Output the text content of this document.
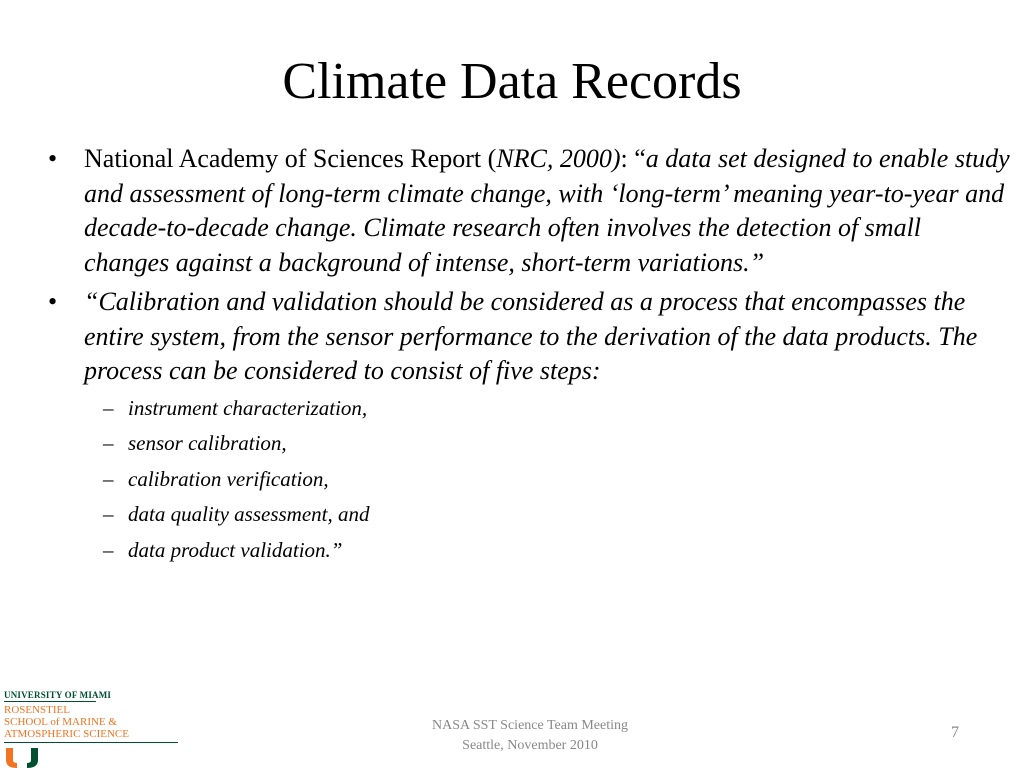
Climate Data Records
• National Academy of Sciences Report (NRC, 2000): “a data set designed to enable study and assessment of long-term climate change, with ‘long-term’ meaning year-to-year and decade-to-decade change. Climate research often involves the detection of small changes against a background of intense, short-term variations.”
• “Calibration and validation should be considered as a process that encompasses the entire system, from the sensor performance to the derivation of the data products. The process can be considered to consist of five steps:
– instrument characterization,
– sensor calibration,
– calibration verification,
– data quality assessment, and
– data product validation.”
UNIVERSITY OF MIAMI
ROSENSTIEL
SCHOOL of MARINE &
ATMOSPHERIC SCIENCE
NASA SST Science Team Meeting
Seattle, November 2010
7
